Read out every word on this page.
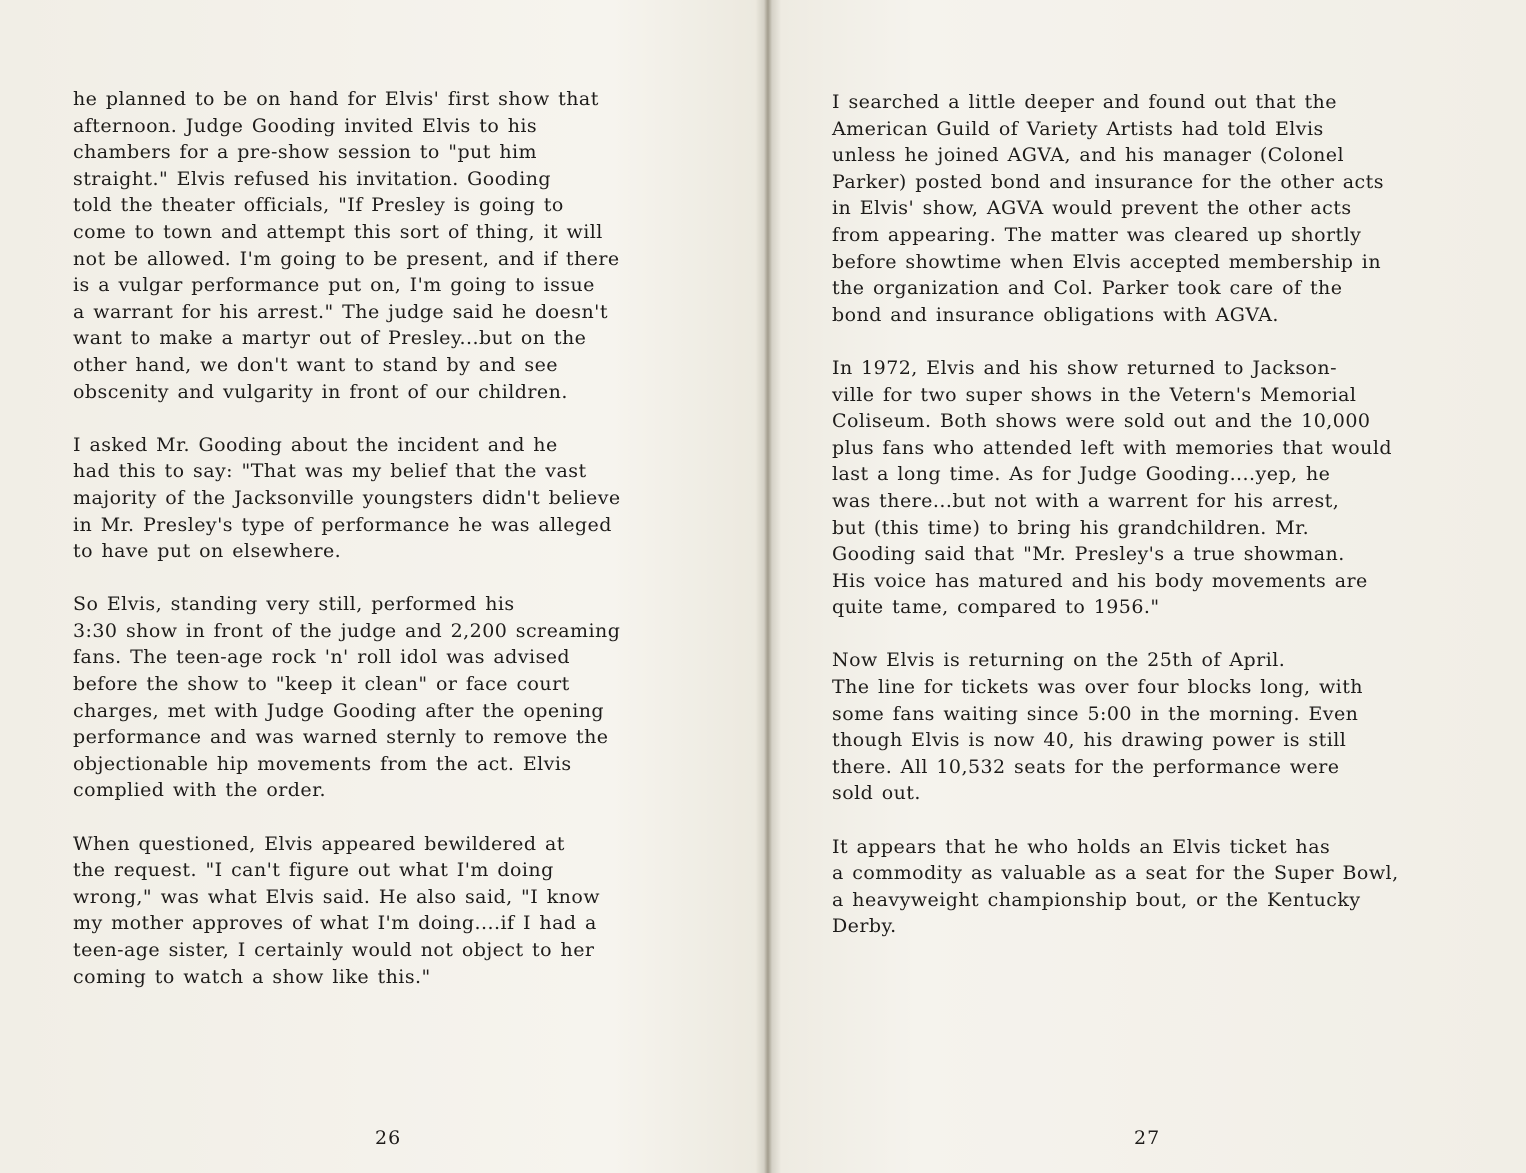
he planned to be on hand for Elvis' first show that
afternoon. Judge Gooding invited Elvis to his
chambers for a pre-show session to "put him
straight." Elvis refused his invitation. Gooding
told the theater officials, "If Presley is going to
come to town and attempt this sort of thing, it will
not be allowed. I'm going to be present, and if there
is a vulgar performance put on, I'm going to issue
a warrant for his arrest." The judge said he doesn't
want to make a martyr out of Presley...but on the
other hand, we don't want to stand by and see
obscenity and vulgarity in front of our children.

I asked Mr. Gooding about the incident and he
had this to say: "That was my belief that the vast
majority of the Jacksonville youngsters didn't believe
in Mr. Presley's type of performance he was alleged
to have put on elsewhere.

So Elvis, standing very still, performed his
3:30 show in front of the judge and 2,200 screaming
fans. The teen-age rock 'n' roll idol was advised
before the show to "keep it clean" or face court
charges, met with Judge Gooding after the opening
performance and was warned sternly to remove the
objectionable hip movements from the act. Elvis
complied with the order.

When questioned, Elvis appeared bewildered at
the request. "I can't figure out what I'm doing
wrong," was what Elvis said. He also said, "I know
my mother approves of what I'm doing....if I had a
teen-age sister, I certainly would not object to her
coming to watch a show like this."

26

I searched a little deeper and found out that the
American Guild of Variety Artists had told Elvis
unless he joined AGVA, and his manager (Colonel
Parker) posted bond and insurance for the other acts
in Elvis' show, AGVA would prevent the other acts
from appearing. The matter was cleared up shortly
before showtime when Elvis accepted membership in
the organization and Col. Parker took care of the
bond and insurance obligations with AGVA.

In 1972, Elvis and his show returned to Jackson-
ville for two super shows in the Vetern's Memorial
Coliseum. Both shows were sold out and the 10,000
plus fans who attended left with memories that would
last a long time. As for Judge Gooding....yep, he
was there...but not with a warrent for his arrest,
but (this time) to bring his grandchildren. Mr.
Gooding said that "Mr. Presley's a true showman.
His voice has matured and his body movements are
quite tame, compared to 1956."

Now Elvis is returning on the 25th of April.
The line for tickets was over four blocks long, with
some fans waiting since 5:00 in the morning. Even
though Elvis is now 40, his drawing power is still
there. All 10,532 seats for the performance were
sold out.

It appears that he who holds an Elvis ticket has
a commodity as valuable as a seat for the Super Bowl,
a heavyweight championship bout, or the Kentucky
Derby.

27
